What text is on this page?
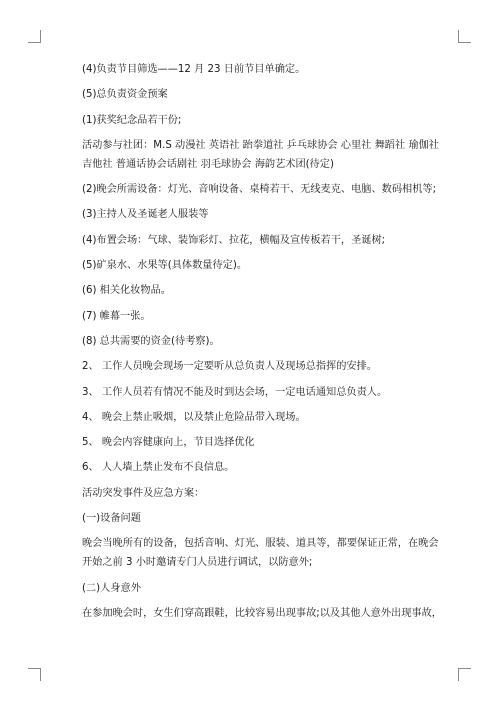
(4)负责节目筛选——12 月 23 日前节目单确定。

(5)总负责资金预案

(1)获奖纪念品若干份;

活动参与社团：M.S 动漫社 英语社 跆拳道社 乒乓球协会 心里社 舞蹈社 瑜伽社

吉他社 普通话协会话剧社 羽毛球协会 海韵艺术团(待定)

(2)晚会所需设备：灯光、音响设备、桌椅若干、无线麦克、电脑、数码相机等;

(3)主持人及圣诞老人服装等

(4)布置会场：气球、装饰彩灯、拉花，横幅及宣传板若干，圣诞树;

(5)矿泉水、水果等(具体数量待定)。

(6) 相关化妆物品。

(7) 帷幕一张。

(8) 总共需要的资金(待考察)。

2、 工作人员晚会现场一定要听从总负责人及现场总指挥的安排。

3、 工作人员若有情况不能及时到达会场，一定电话通知总负责人。

4、 晚会上禁止吸烟，以及禁止危险品带入现场。

5、 晚会内容健康向上，节目选择优化

6、 人人墙上禁止发布不良信息。

活动突发事件及应急方案：

(一)设备问题

晚会当晚所有的设备，包括音响、灯光、服装、道具等，都要保证正常，在晚会

开始之前 3 小时邀请专门人员进行调试，以防意外;

(二)人身意外

在参加晚会时，女生们穿高跟鞋，比较容易出现事故;以及其他人意外出现事故，
